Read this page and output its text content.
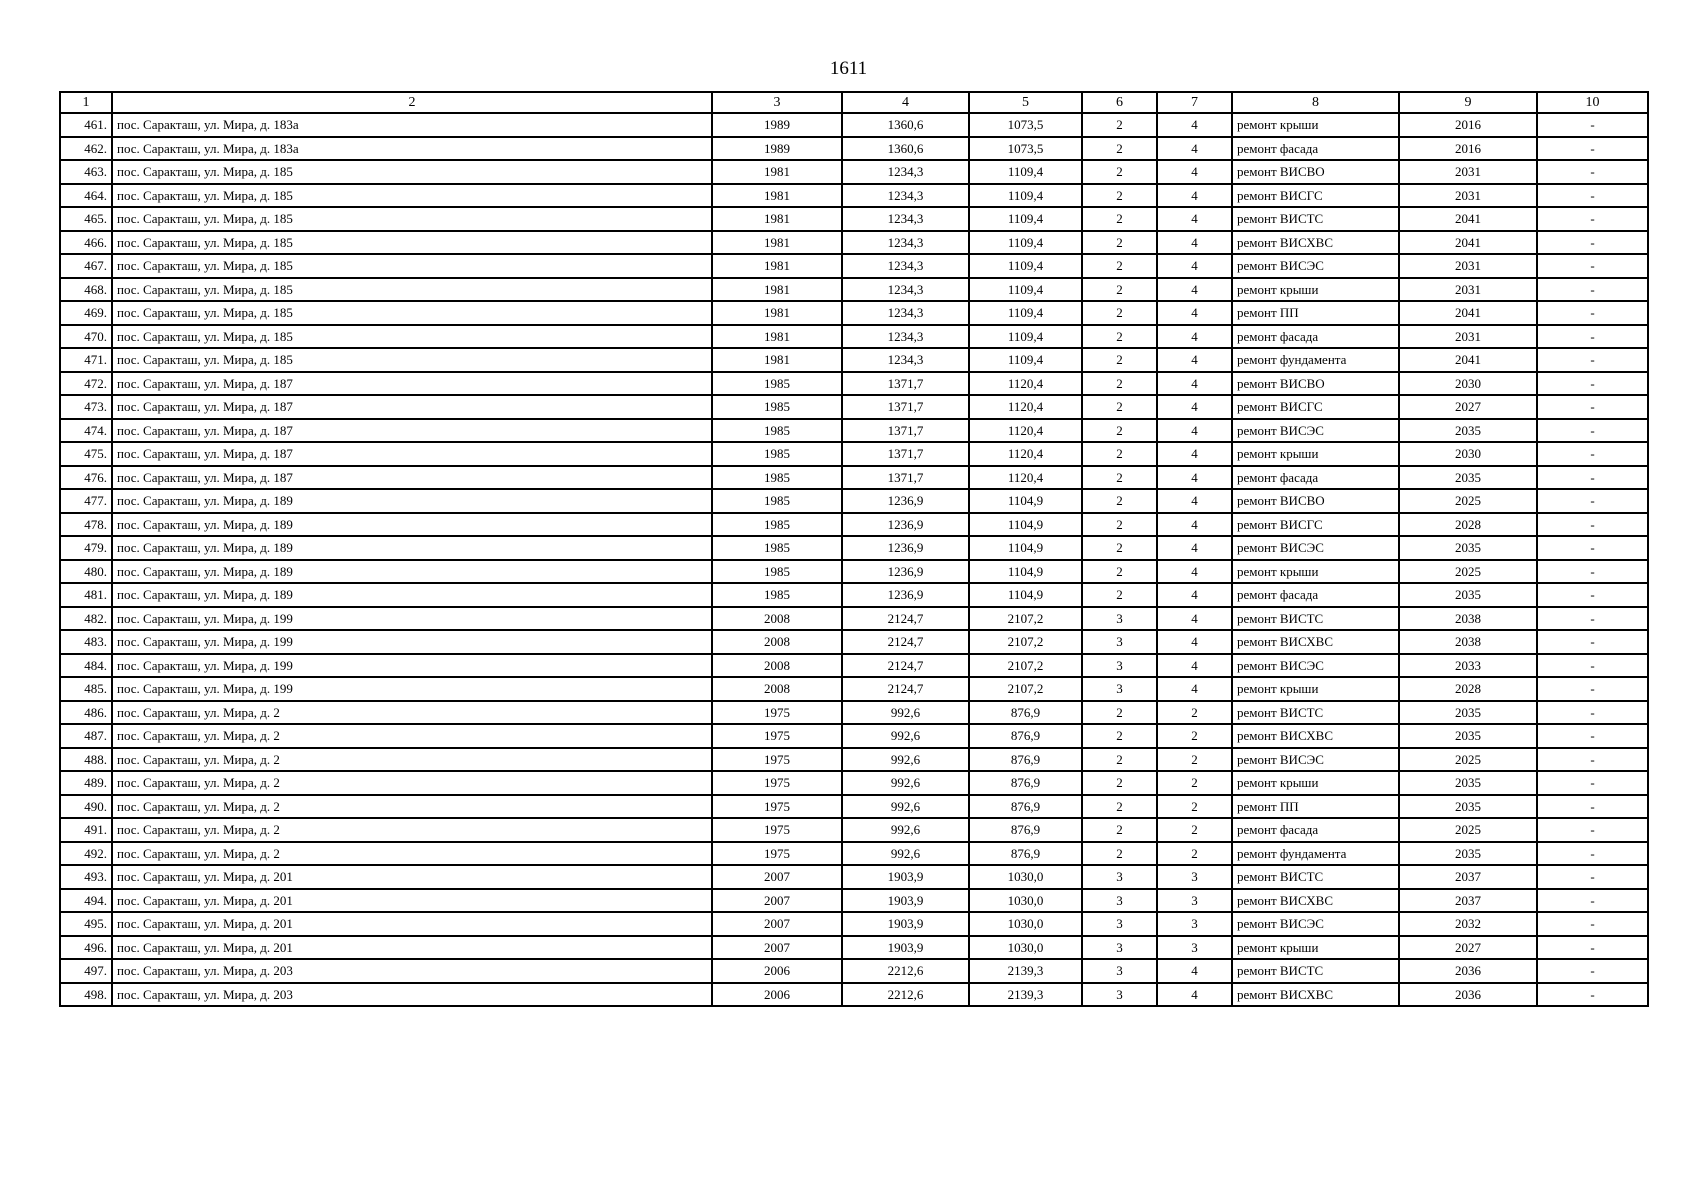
1611
1	2	3	4	5	6	7	8	9	10
461.	пос. Саракташ, ул. Мира, д. 183а	1989	1360,6	1073,5	2	4	ремонт крыши	2016	-
462.	пос. Саракташ, ул. Мира, д. 183а	1989	1360,6	1073,5	2	4	ремонт фасада	2016	-
463.	пос. Саракташ, ул. Мира, д. 185	1981	1234,3	1109,4	2	4	ремонт ВИСВО	2031	-
464.	пос. Саракташ, ул. Мира, д. 185	1981	1234,3	1109,4	2	4	ремонт ВИСГС	2031	-
465.	пос. Саракташ, ул. Мира, д. 185	1981	1234,3	1109,4	2	4	ремонт ВИСТС	2041	-
466.	пос. Саракташ, ул. Мира, д. 185	1981	1234,3	1109,4	2	4	ремонт ВИСХВС	2041	-
467.	пос. Саракташ, ул. Мира, д. 185	1981	1234,3	1109,4	2	4	ремонт ВИСЭС	2031	-
468.	пос. Саракташ, ул. Мира, д. 185	1981	1234,3	1109,4	2	4	ремонт крыши	2031	-
469.	пос. Саракташ, ул. Мира, д. 185	1981	1234,3	1109,4	2	4	ремонт ПП	2041	-
470.	пос. Саракташ, ул. Мира, д. 185	1981	1234,3	1109,4	2	4	ремонт фасада	2031	-
471.	пос. Саракташ, ул. Мира, д. 185	1981	1234,3	1109,4	2	4	ремонт фундамента	2041	-
472.	пос. Саракташ, ул. Мира, д. 187	1985	1371,7	1120,4	2	4	ремонт ВИСВО	2030	-
473.	пос. Саракташ, ул. Мира, д. 187	1985	1371,7	1120,4	2	4	ремонт ВИСГС	2027	-
474.	пос. Саракташ, ул. Мира, д. 187	1985	1371,7	1120,4	2	4	ремонт ВИСЭС	2035	-
475.	пос. Саракташ, ул. Мира, д. 187	1985	1371,7	1120,4	2	4	ремонт крыши	2030	-
476.	пос. Саракташ, ул. Мира, д. 187	1985	1371,7	1120,4	2	4	ремонт фасада	2035	-
477.	пос. Саракташ, ул. Мира, д. 189	1985	1236,9	1104,9	2	4	ремонт ВИСВО	2025	-
478.	пос. Саракташ, ул. Мира, д. 189	1985	1236,9	1104,9	2	4	ремонт ВИСГС	2028	-
479.	пос. Саракташ, ул. Мира, д. 189	1985	1236,9	1104,9	2	4	ремонт ВИСЭС	2035	-
480.	пос. Саракташ, ул. Мира, д. 189	1985	1236,9	1104,9	2	4	ремонт крыши	2025	-
481.	пос. Саракташ, ул. Мира, д. 189	1985	1236,9	1104,9	2	4	ремонт фасада	2035	-
482.	пос. Саракташ, ул. Мира, д. 199	2008	2124,7	2107,2	3	4	ремонт ВИСТС	2038	-
483.	пос. Саракташ, ул. Мира, д. 199	2008	2124,7	2107,2	3	4	ремонт ВИСХВС	2038	-
484.	пос. Саракташ, ул. Мира, д. 199	2008	2124,7	2107,2	3	4	ремонт ВИСЭС	2033	-
485.	пос. Саракташ, ул. Мира, д. 199	2008	2124,7	2107,2	3	4	ремонт крыши	2028	-
486.	пос. Саракташ, ул. Мира, д. 2	1975	992,6	876,9	2	2	ремонт ВИСТС	2035	-
487.	пос. Саракташ, ул. Мира, д. 2	1975	992,6	876,9	2	2	ремонт ВИСХВС	2035	-
488.	пос. Саракташ, ул. Мира, д. 2	1975	992,6	876,9	2	2	ремонт ВИСЭС	2025	-
489.	пос. Саракташ, ул. Мира, д. 2	1975	992,6	876,9	2	2	ремонт крыши	2035	-
490.	пос. Саракташ, ул. Мира, д. 2	1975	992,6	876,9	2	2	ремонт ПП	2035	-
491.	пос. Саракташ, ул. Мира, д. 2	1975	992,6	876,9	2	2	ремонт фасада	2025	-
492.	пос. Саракташ, ул. Мира, д. 2	1975	992,6	876,9	2	2	ремонт фундамента	2035	-
493.	пос. Саракташ, ул. Мира, д. 201	2007	1903,9	1030,0	3	3	ремонт ВИСТС	2037	-
494.	пос. Саракташ, ул. Мира, д. 201	2007	1903,9	1030,0	3	3	ремонт ВИСХВС	2037	-
495.	пос. Саракташ, ул. Мира, д. 201	2007	1903,9	1030,0	3	3	ремонт ВИСЭС	2032	-
496.	пос. Саракташ, ул. Мира, д. 201	2007	1903,9	1030,0	3	3	ремонт крыши	2027	-
497.	пос. Саракташ, ул. Мира, д. 203	2006	2212,6	2139,3	3	4	ремонт ВИСТС	2036	-
498.	пос. Саракташ, ул. Мира, д. 203	2006	2212,6	2139,3	3	4	ремонт ВИСХВС	2036	-
